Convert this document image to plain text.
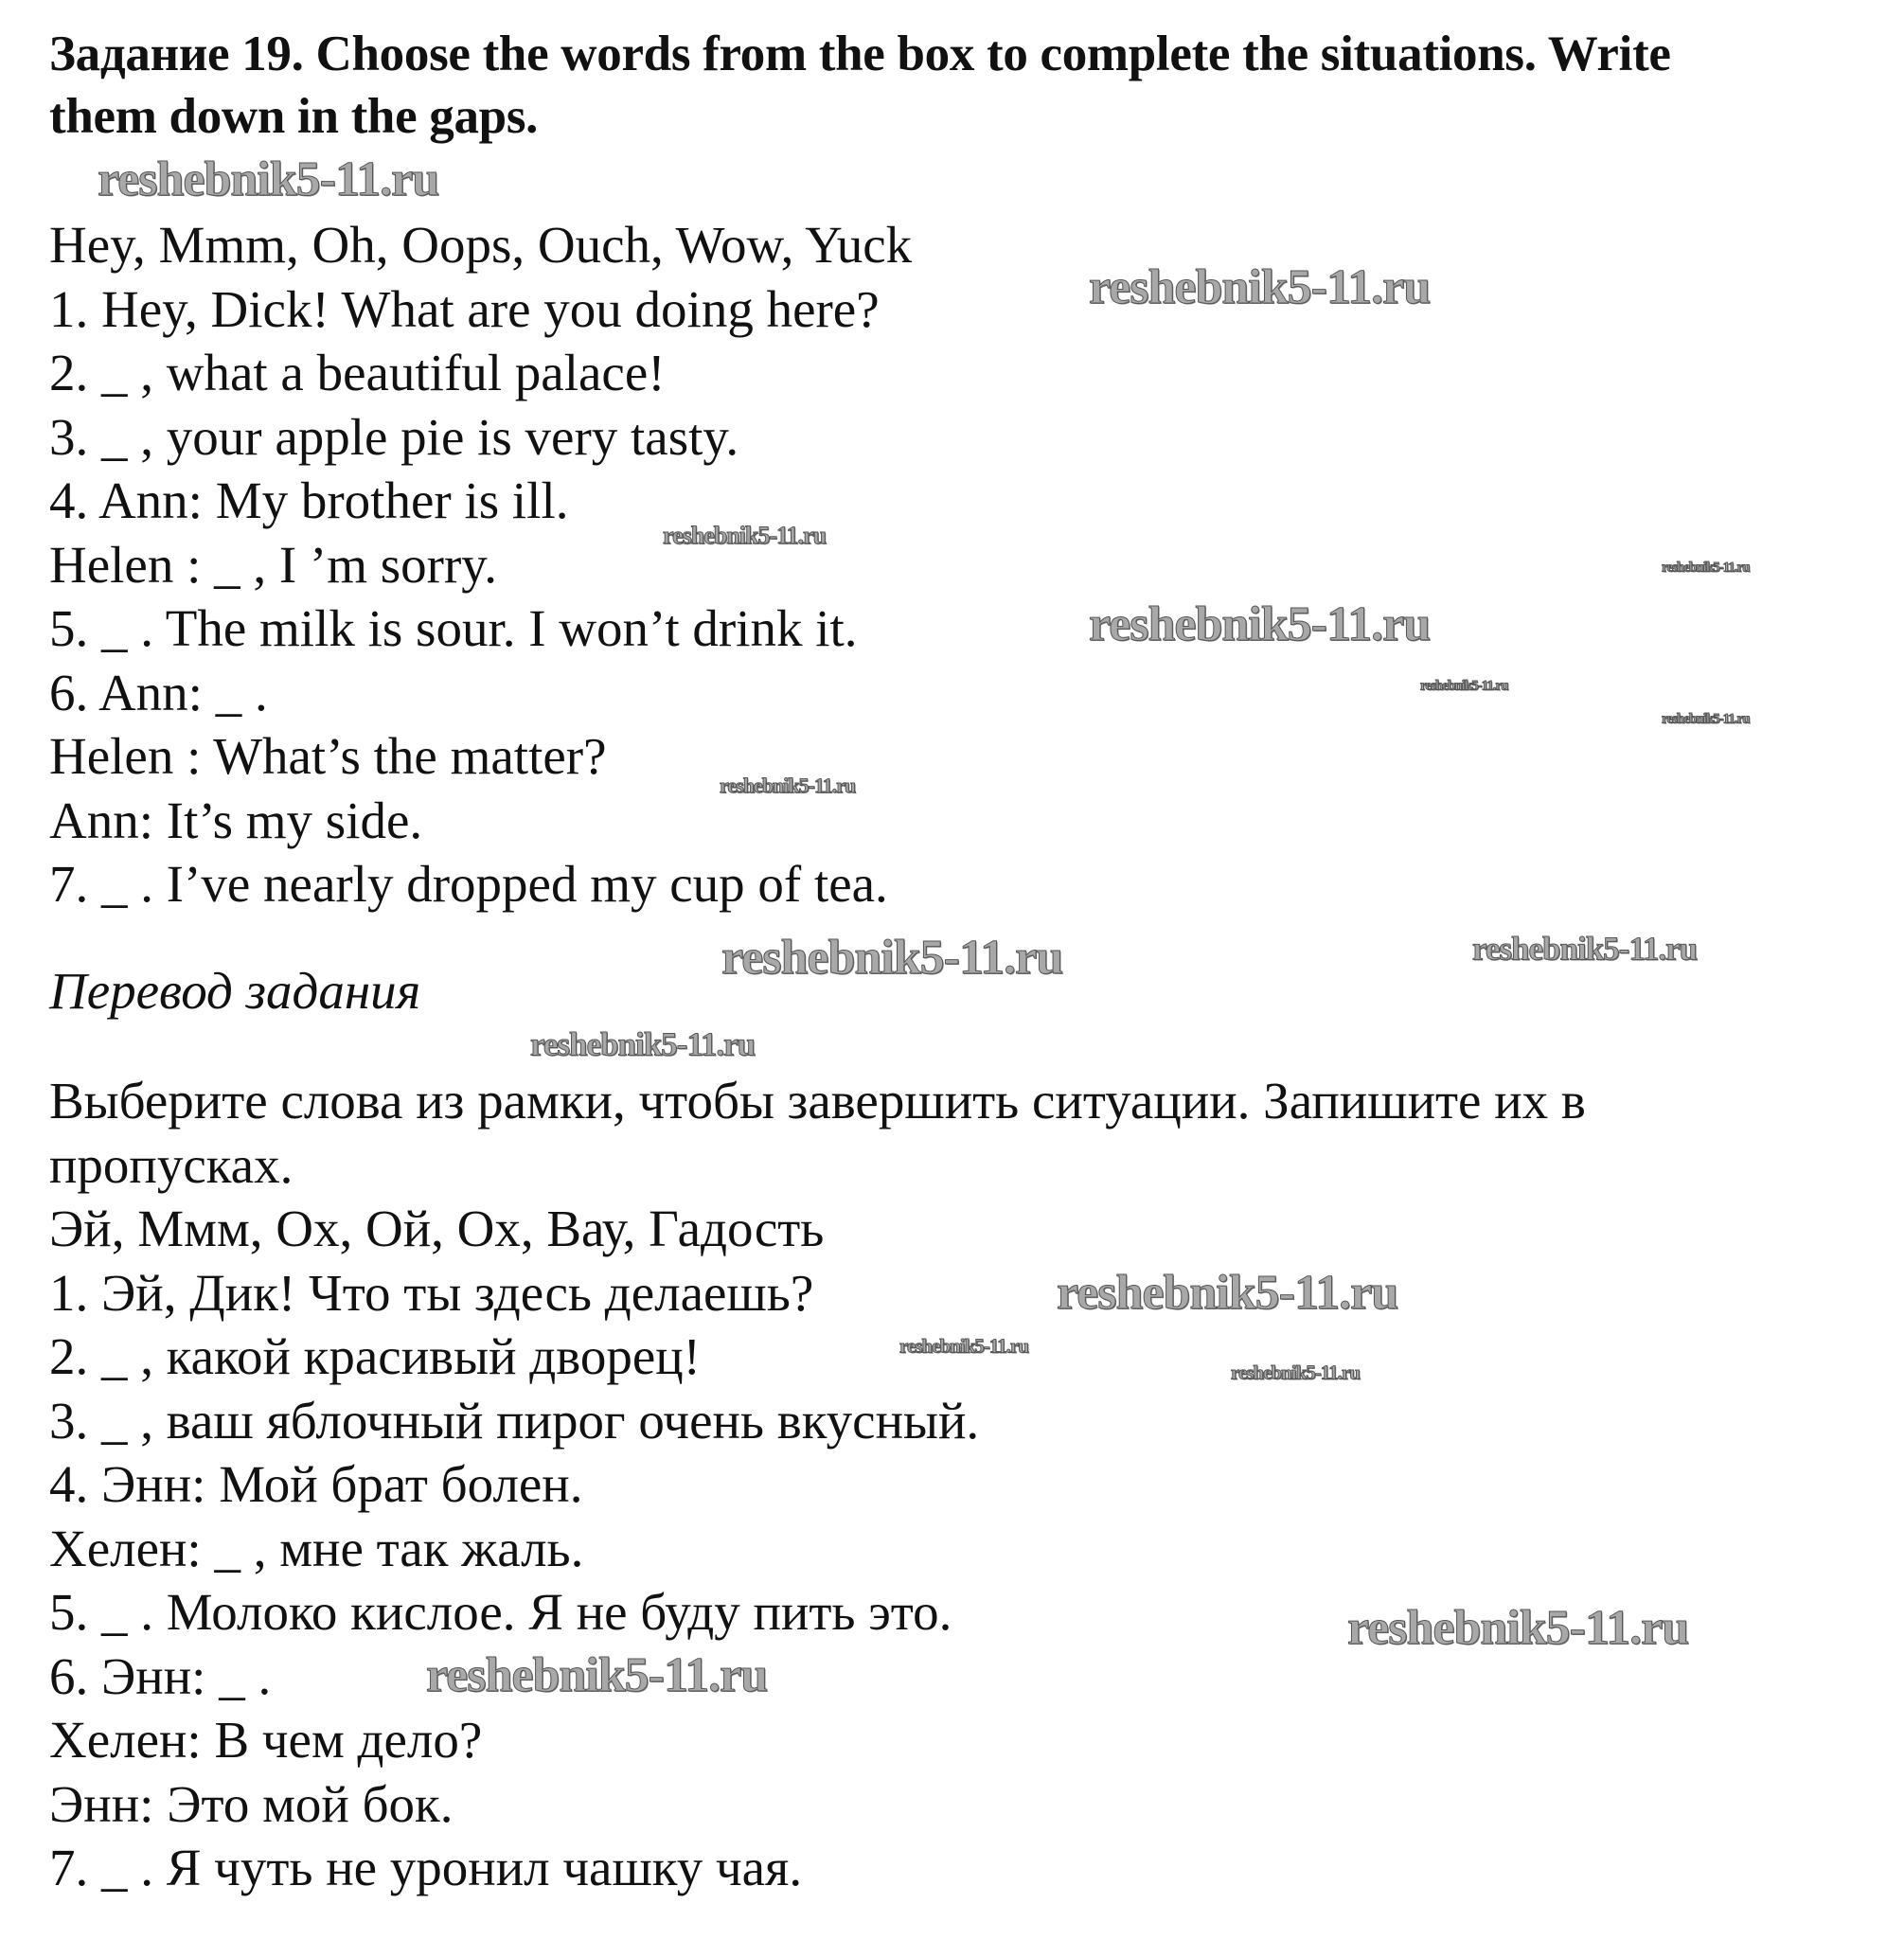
Задание 19. Choose the words from the box to complete the situations. Write
them down in the gaps.
Hey, Mmm, Oh, Oops, Ouch, Wow, Yuck
1. Hey, Dick! What are you doing here?
2. _ , what a beautiful palace!
3. _ , your apple pie is very tasty.
4. Ann: My brother is ill.
Helen : _ , I ’m sorry.
5. _ . The milk is sour. I won’t drink it.
6. Ann: _ .
Helen : What’s the matter?
Ann: It’s my side.
7. _ . I’ve nearly dropped my cup of tea.
Перевод задания
Выберите слова из рамки, чтобы завершить ситуации. Запишите их в
пропусках.
Эй, Ммм, Ох, Ой, Ох, Вау, Гадость
1. Эй, Дик! Что ты здесь делаешь?
2. _ , какой красивый дворец!
3. _ , ваш яблочный пирог очень вкусный.
4. Энн: Мой брат болен.
Хелен: _ , мне так жаль.
5. _ . Молоко кислое. Я не буду пить это.
6. Энн: _ .
Хелен: В чем дело?
Энн: Это мой бок.
7. _ . Я чуть не уронил чашку чая.
reshebnik5-11.ru
reshebnik5-11.ru
reshebnik5-11.ru
reshebnik5-11.ru
reshebnik5-11.ru
reshebnik5-11.ru
reshebnik5-11.ru
reshebnik5-11.ru
reshebnik5-11.ru	reshebnik5-11.ru
reshebnik5-11.ru
reshebnik5-11.ru
reshebnik5-11.ru
reshebnik5-11.ru
reshebnik5-11.ru
reshebnik5-11.ru
